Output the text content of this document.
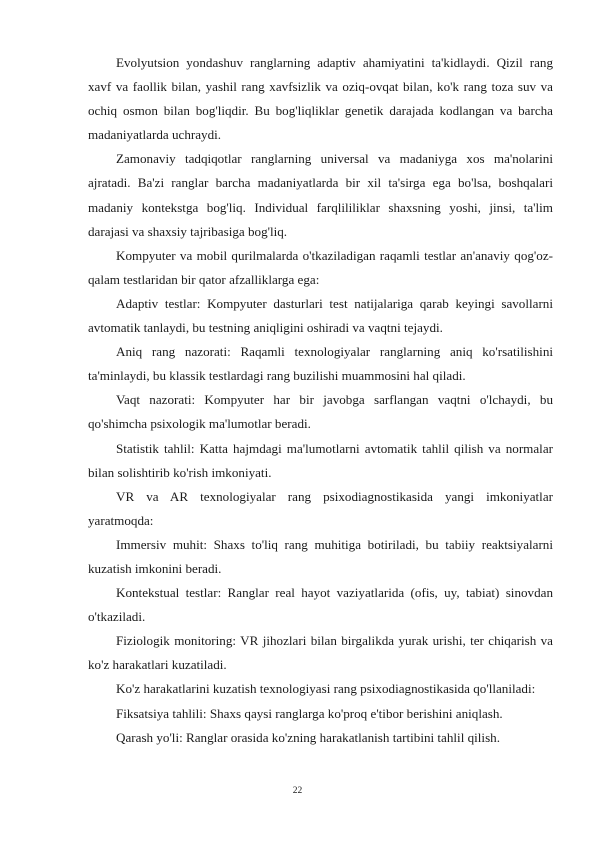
Evolyutsion yondashuv ranglarning adaptiv ahamiyatini ta'kidlaydi. Qizil rang xavf va faollik bilan, yashil rang xavfsizlik va oziq-ovqat bilan, ko'k rang toza suv va ochiq osmon bilan bog'liqdir. Bu bog'liqliklar genetik darajada kodlangan va barcha madaniyatlarda uchraydi.

Zamonaviy tadqiqotlar ranglarning universal va madaniyga xos ma'nolarini ajratadi. Ba'zi ranglar barcha madaniyatlarda bir xil ta'sirga ega bo'lsa, boshqalari madaniy kontekstga bog'liq. Individual farqlililiklar shaxsning yoshi, jinsi, ta'lim darajasi va shaxsiy tajribasiga bog'liq.

Kompyuter va mobil qurilmalarda o'tkaziladigan raqamli testlar an'anaviy qog'oz-qalam testlaridan bir qator afzalliklarga ega:

Adaptiv testlar: Kompyuter dasturlari test natijalariga qarab keyingi savollarni avtomatik tanlaydi, bu testning aniqligini oshiradi va vaqtni tejaydi.

Aniq rang nazorati: Raqamli texnologiyalar ranglarning aniq ko'rsatilishini ta'minlaydi, bu klassik testlardagi rang buzilishi muammosini hal qiladi.

Vaqt nazorati: Kompyuter har bir javobga sarflangan vaqtni o'lchaydi, bu qo'shimcha psixologik ma'lumotlar beradi.

Statistik tahlil: Katta hajmdagi ma'lumotlarni avtomatik tahlil qilish va normalar bilan solishtirib ko'rish imkoniyati.

VR va AR texnologiyalar rang psixodiagnostikasida yangi imkoniyatlar yaratmoqda:

Immersiv muhit: Shaxs to'liq rang muhitiga botiriladi, bu tabiiy reaktsiyalarni kuzatish imkonini beradi.

Kontekstual testlar: Ranglar real hayot vaziyatlarida (ofis, uy, tabiat) sinovdan o'tkaziladi.

Fiziologik monitoring: VR jihozlari bilan birgalikda yurak urishi, ter chiqarish va ko'z harakatlari kuzatiladi.

Ko'z harakatlarini kuzatish texnologiyasi rang psixodiagnostikasida qo'llaniladi:

Fiksatsiya tahlili: Shaxs qaysi ranglarga ko'proq e'tibor berishini aniqlash.

Qarash yo'li: Ranglar orasida ko'zning harakatlanish tartibini tahlil qilish.

22
